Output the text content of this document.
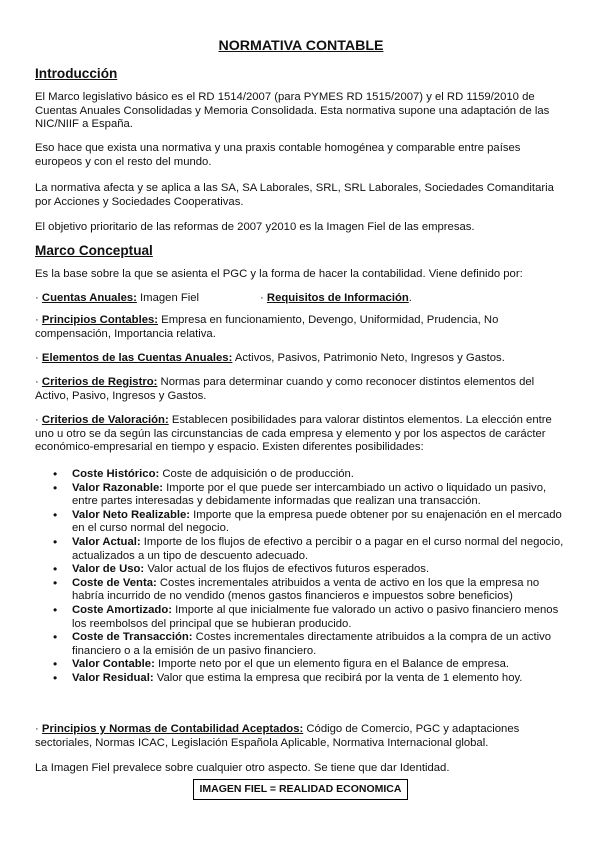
NORMATIVA CONTABLE
Introducción

El Marco legislativo básico es el RD 1514/2007 (para PYMES RD 1515/2007) y el RD 1159/2010 de Cuentas Anuales Consolidadas y Memoria Consolidada. Esta normativa supone una adaptación de las NIC/NIIF a España.

Eso hace que exista una normativa y una praxis contable homogénea y comparable entre países europeos y con el resto del mundo.

La normativa afecta y se aplica a las SA, SA Laborales, SRL, SRL Laborales, Sociedades Comanditaria por Acciones y Sociedades Cooperativas.

El objetivo prioritario de las reformas de 2007 y2010 es la Imagen Fiel de las empresas.

Marco Conceptual

Es la base sobre la que se asienta el PGC y la forma de hacer la contabilidad. Viene definido por:

· Cuentas Anuales: Imagen Fiel	· Requisitos de Información.

· Principios Contables: Empresa en funcionamiento, Devengo, Uniformidad, Prudencia, No compensación, Importancia relativa.

· Elementos de las Cuentas Anuales: Activos, Pasivos, Patrimonio Neto, Ingresos y Gastos.

· Criterios de Registro: Normas para determinar cuando y como reconocer distintos elementos del Activo, Pasivo, Ingresos y Gastos.

· Criterios de Valoración: Establecen posibilidades para valorar distintos elementos. La elección entre uno u otro se da según las circunstancias de cada empresa y elemento y por los aspectos de carácter económico-empresarial en tiempo y espacio. Existen diferentes posibilidades:

• Coste Histórico: Coste de adquisición o de producción.
• Valor Razonable: Importe por el que puede ser intercambiado un activo o liquidado un pasivo, entre partes interesadas y debidamente informadas que realizan una transacción.
• Valor Neto Realizable: Importe que la empresa puede obtener por su enajenación en el mercado en el curso normal del negocio.
• Valor Actual: Importe de los flujos de efectivo a percibir o a pagar en el curso normal del negocio, actualizados a un tipo de descuento adecuado.
• Valor de Uso: Valor actual de los flujos de efectivos futuros esperados.
• Coste de Venta: Costes incrementales atribuidos a venta de activo en los que la empresa no habría incurrido de no vendido (menos gastos financieros e impuestos sobre beneficios)
• Coste Amortizado: Importe al que inicialmente fue valorado un activo o pasivo financiero menos los reembolsos del principal que se hubieran producido.
• Coste de Transacción: Costes incrementales directamente atribuidos a la compra de un activo financiero o a la emisión de un pasivo financiero.
• Valor Contable: Importe neto por el que un elemento figura en el Balance de empresa.
• Valor Residual: Valor que estima la empresa que recibirá por la venta de 1 elemento hoy.

· Principios y Normas de Contabilidad Aceptados: Código de Comercio, PGC y adaptaciones sectoriales, Normas ICAC, Legislación Española Aplicable, Normativa Internacional global.

La Imagen Fiel prevalece sobre cualquier otro aspecto. Se tiene que dar Identidad.

IMAGEN FIEL = REALIDAD ECONOMICA
